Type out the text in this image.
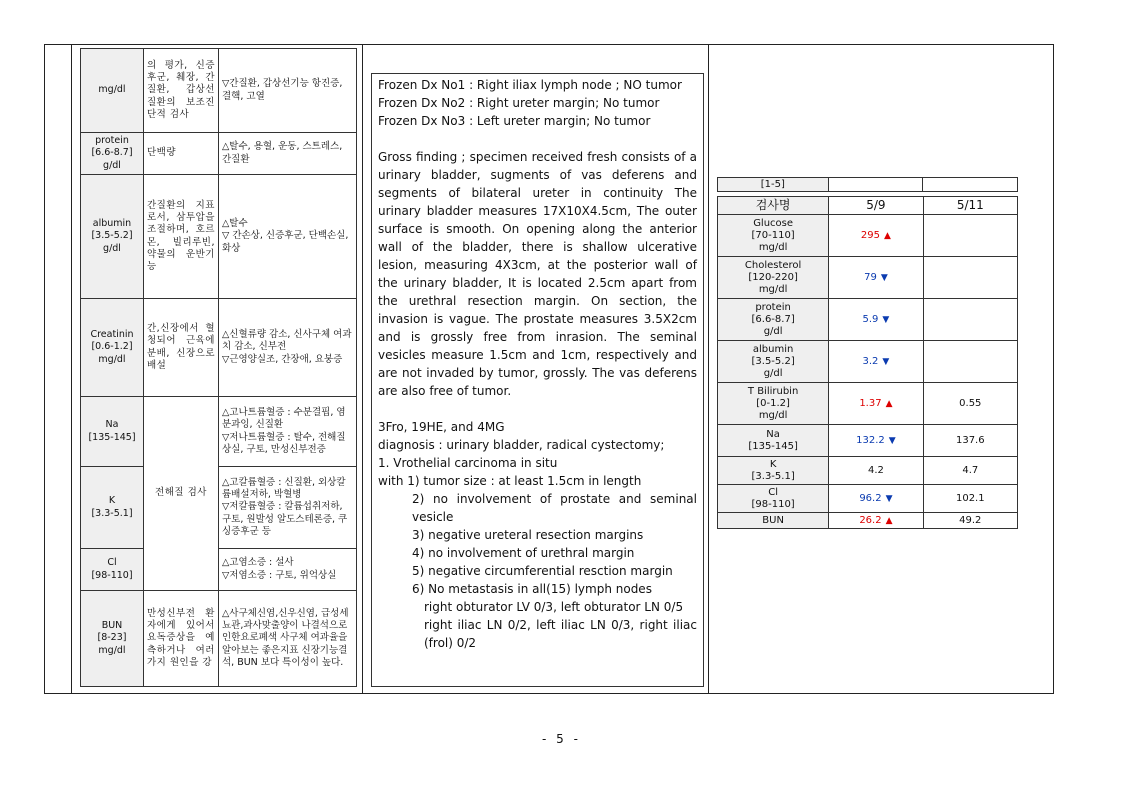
mg/dl	의 평가, 신증후군, 췌장, 간질환, 갑상선 질환의 보조진단적 검사	▽간질환, 갑상선기능 항진증, 결핵, 고열
protein
[6.6-8.7]
g/dl	단백량	△탈수, 용혈, 운동, 스트레스, 간질환
albumin
[3.5-5.2]
g/dl	간질환의 지표로서, 삼투압을 조절하며, 호르몬, 빌리루빈, 약물의 운반기능	△탈수
▽ 간손상, 신증후군, 단백손실, 화상
Creatinin
[0.6-1.2]
mg/dl	간,신장에서 혈청되어 근육에 분배, 신장으로 배설	△신혈류량 감소, 신사구체 여과치 감소, 신부전
▽근영양실조, 간장애, 요붕증
Na
[135-145]	전해질 검사	△고나트륨혈증 : 수분결핍, 염분과잉, 신질환
▽저나트륨혈증 : 탈수, 전해질상실, 구토, 만성신부전증
K
[3.3-5.1]		△고칼륨혈증 : 신질환, 외상칼륨배설저하, 박혈병
▽저칼륨혈증 : 칼륨섭취저하, 구토, 원발성 알도스테론증, 쿠싱증후군 등
Cl
[98-110]		△고염소증 : 설사
▽저염소증 : 구토, 위억상실
BUN
[8-23]
mg/dl	만성신부전 환자에게 있어서 요독증상을 예측하거나 여러 가지 원인을 강	△사구체신염,신우신염, 급성세뇨관,과사맞출양이 나결석으로인한요로폐색 사구체 여과율을 알아보는 좋은지표 신장기능결석, BUN 보다 특이성이 높다.

Frozen Dx No1 : Right iliax lymph node ; NO tumor

Frozen Dx No2 : Right ureter margin; No tumor

Frozen Dx No3 : Left ureter margin; No tumor

Gross finding ; specimen received fresh consists of a urinary bladder, sugments of vas deferens and segments of bilateral ureter in continuity The urinary bladder measures 17X10X4.5cm, The outer surface is smooth. On opening along the anterior wall of the bladder, there is shallow ulcerative lesion, measuring 4X3cm, at the posterior wall of the urinary bladder, It is located 2.5cm apart from the urethral resection margin. On section, the invasion is vague. The prostate measures 3.5X2cm and is grossly free from inrasion. The seminal vesicles measure 1.5cm and 1cm, respectively and are not invaded by tumor, grossly. The vas deferens are also free of tumor.

3Fro, 19HE, and 4MG

diagnosis : urinary bladder, radical cystectomy;

1. Vrothelial carcinoma in situ

with 1) tumor size : at least 1.5cm in length

2) no involvement of prostate and seminal vesicle

3) negative ureteral resection margins

4) no involvement of urethral margin

5) negative circumferential resction margin

6) No metastasis in all(15) lymph nodes

right obturator LV 0/3, left obturator LN 0/5

right iliac LN 0/2, left iliac LN 0/3, right iliac (frol) 0/2

[1-5]		
검사명	5/9	5/11
Glucose
[70-110]
mg/dl	295 ▲	
Cholesterol
[120-220]
mg/dl	79 ▼	
protein
[6.6-8.7]
g/dl	5.9 ▼	
albumin
[3.5-5.2]
g/dl	3.2 ▼	
T Bilirubin
[0-1.2]
mg/dl	1.37 ▲	0.55
Na
[135-145]	132.2 ▼	137.6
K
[3.3-5.1]	4.2	4.7
Cl
[98-110]	96.2 ▼	102.1
BUN	26.2 ▲	49.2
- 5 -
